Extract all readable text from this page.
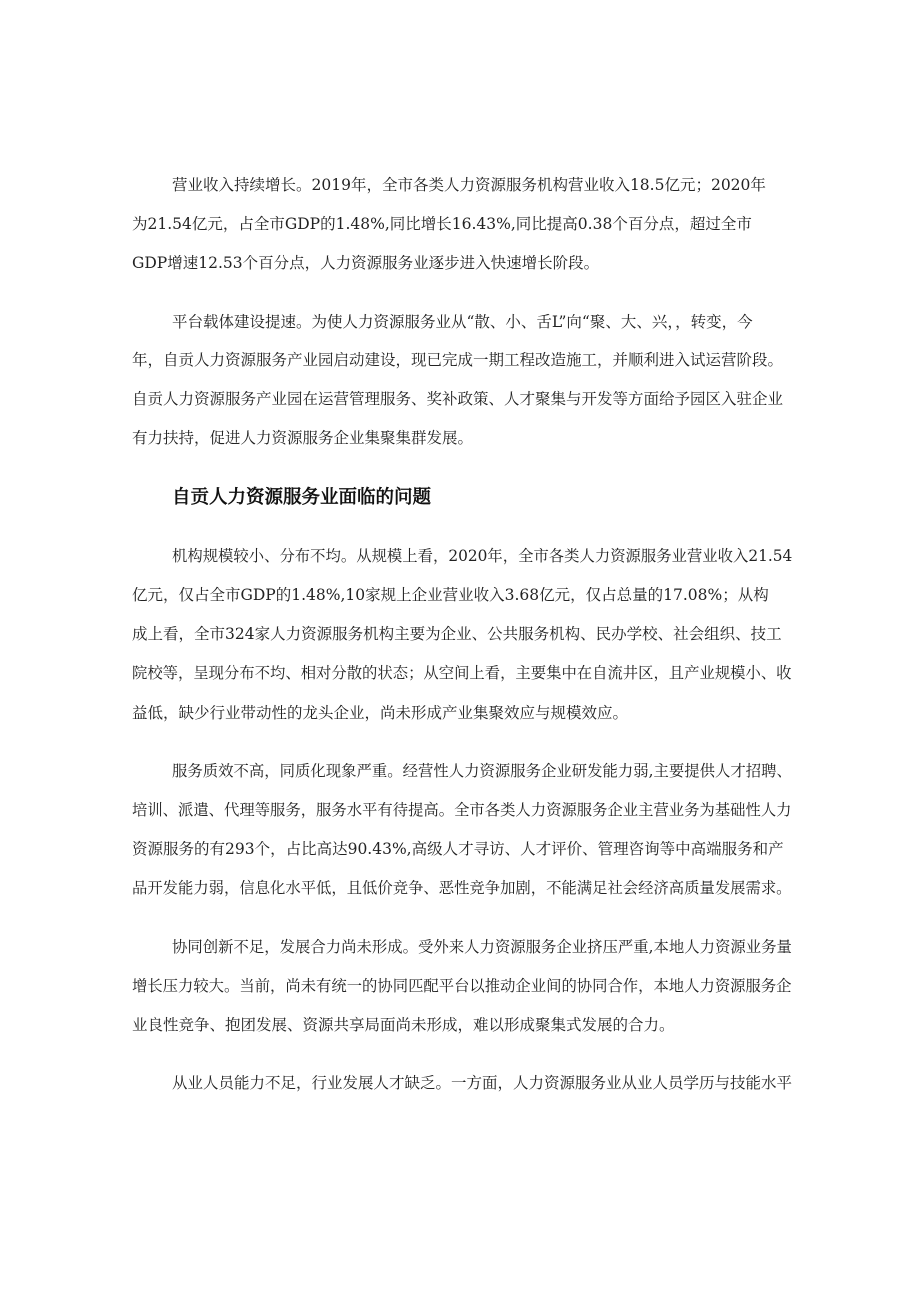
营业收入持续增长。2019年，全市各类人力资源服务机构营业收入18.5亿元；2020年

为21.54亿元，占全市GDP的1.48%,同比增长16.43%,同比提高0.38个百分点，超过全市

GDP增速12.53个百分点，人力资源服务业逐步进入快速增长阶段。

平台载体建设提速。为使人力资源服务业从“散、小、舌L”向“聚、大、兴，，转变，今

年，自贡人力资源服务产业园启动建设，现已完成一期工程改造施工，并顺利进入试运营阶段。

自贡人力资源服务产业园在运营管理服务、奖补政策、人才聚集与开发等方面给予园区入驻企业

有力扶持，促进人力资源服务企业集聚集群发展。

自贡人力资源服务业面临的问题

机构规模较小、分布不均。从规模上看，2020年，全市各类人力资源服务业营业收入21.54

亿元，仅占全市GDP的1.48%,10家规上企业营业收入3.68亿元，仅占总量的17.08%；从构

成上看，全市324家人力资源服务机构主要为企业、公共服务机构、民办学校、社会组织、技工

院校等，呈现分布不均、相对分散的状态；从空间上看，主要集中在自流井区，且产业规模小、收

益低，缺少行业带动性的龙头企业，尚未形成产业集聚效应与规模效应。

服务质效不高，同质化现象严重。经营性人力资源服务企业研发能力弱,主要提供人才招聘、

培训、派遣、代理等服务，服务水平有待提高。全市各类人力资源服务企业主营业务为基础性人力

资源服务的有293个，占比高达90.43%,高级人才寻访、人才评价、管理咨询等中高端服务和产

品开发能力弱，信息化水平低，且低价竞争、恶性竞争加剧，不能满足社会经济高质量发展需求。

协同创新不足，发展合力尚未形成。受外来人力资源服务企业挤压严重,本地人力资源业务量

增长压力较大。当前，尚未有统一的协同匹配平台以推动企业间的协同合作，本地人力资源服务企

业良性竞争、抱团发展、资源共享局面尚未形成，难以形成聚集式发展的合力。

从业人员能力不足，行业发展人才缺乏。一方面，人力资源服务业从业人员学历与技能水平
